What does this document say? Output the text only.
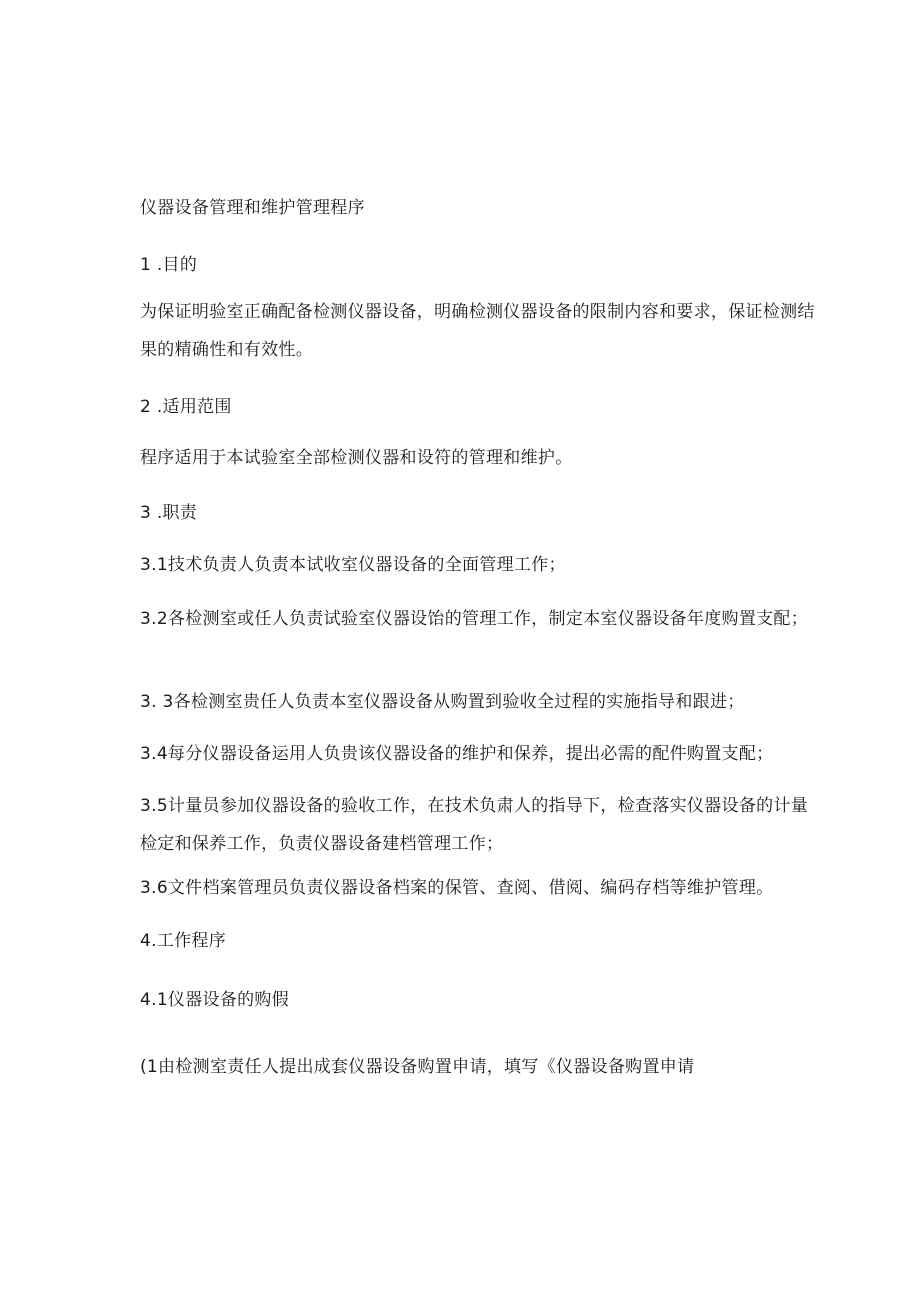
仪器设备管理和维护管理程序

1 .目的

为保证明验室正确配备检测仪器设备，明确检测仪器设备的限制内容和要求，保证检测结果的精确性和有效性。

2 .适用范围

程序适用于本试验室全部检测仪器和设符的管理和维护。

3 .职责

3.1技术负责人负责本试收室仪器设备的全面管理工作；

3.2各检测室或任人负责试验室仪器设饴的管理工作，制定本室仪器设备年度购置支配；

3. 3各检测室贵任人负责本室仪器设备从购置到验收全过程的实施指导和跟进；

3.4每分仪器设备运用人负贵该仪器设备的维护和保养，提出必需的配件购置支配；

3.5计量员参加仪器设备的验收工作，在技术负肃人的指导下，检查落实仪器设备的计量检定和保养工作，负责仪器设备建档管理工作；

3.6文件档案管理员负责仪器设备档案的保管、查阅、借阅、编码存档等维护管理。

4.工作程序

4.1仪器设备的购假

(1由检测室责任人提出成套仪器设备购置申请，填写《仪器设备购置申请
